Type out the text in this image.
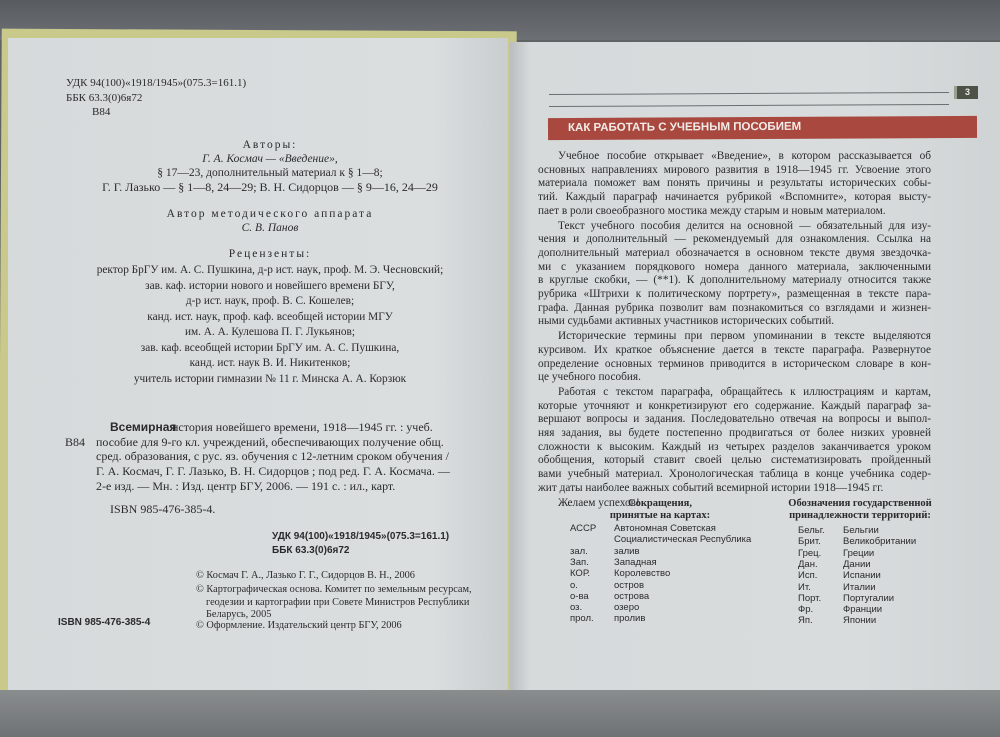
УДК 94(100)«1918/1945»(075.3=161.1)
ББК 63.3(0)6я72
В84
Авторы:
Г. А. Космач — «Введение»,
§ 17—23, дополнительный материал к § 1—8;
Г. Г. Лазько — § 1—8, 24—29; В. Н. Сидорцов — § 9—16, 24—29
Автор методического аппарата
С. В. Панов
Рецензенты:
ректор БрГУ им. А. С. Пушкина, д-р ист. наук, проф. М. Э. Чесновский;
зав. каф. истории нового и новейшего времени БГУ,
д-р ист. наук, проф. В. С. Кошелев;
канд. ист. наук, проф. каф. всеобщей истории МГУ
им. А. А. Кулешова П. Г. Лукьянов;
зав. каф. всеобщей истории БрГУ им. А. С. Пушкина,
канд. ист. наук В. И. Никитенков;
учитель истории гимназии № 11 г. Минска А. А. Корзюк
Всемирная
В84
история новейшего времени, 1918—1945 гг. : учеб.
пособие для 9-го кл. учреждений, обеспечивающих получение общ.
сред. образования, с рус. яз. обучения с 12-летним сроком обучения /
Г. А. Космач, Г. Г. Лазько, В. Н. Сидорцов ; под ред. Г. А. Космача. —
2-е изд. — Мн. : Изд. центр БГУ, 2006. — 191 с. : ил., карт.
ISBN 985-476-385-4.
УДК 94(100)«1918/1945»(075.3=161.1)
ББК 63.3(0)6я72
© Космач Г. А., Лазько Г. Г., Сидорцов В. Н., 2006
© Картографическая основа. Комитет по земельным ресурсам,
геодезии и картографии при Совете Министров Республики
Беларусь, 2005
© Оформление. Издательский центр БГУ, 2006
ISBN 985-476-385-4
3
КАК РАБОТАТЬ С УЧЕБНЫМ ПОСОБИЕМ
Учебное пособие открывает «Введение», в котором рассказывается об
основных направлениях мирового развития в 1918—1945 гг. Усвоение этого
материала поможет вам понять причины и результаты исторических собы-
тий. Каждый параграф начинается рубрикой «Вспомните», которая высту-
пает в роли своеобразного мостика между старым и новым материалом.
Текст учебного пособия делится на основной — обязательный для изу-
чения и дополнительный — рекомендуемый для ознакомления. Ссылка на
дополнительный материал обозначается в основном тексте двумя звездочка-
ми с указанием порядкового номера данного материала, заключенными
в круглые скобки, — (**1). К дополнительному материалу относится также
рубрика «Штрихи к политическому портрету», размещенная в тексте пара-
графа. Данная рубрика позволит вам познакомиться со взглядами и жизнен-
ными судьбами активных участников исторических событий.
Исторические термины при первом упоминании в тексте выделяются
курсивом. Их краткое объяснение дается в тексте параграфа. Развернутое
определение основных терминов приводится в историческом словаре в кон-
це учебного пособия.
Работая с текстом параграфа, обращайтесь к иллюстрациям и картам,
которые уточняют и конкретизируют его содержание. Каждый параграф за-
вершают вопросы и задания. Последовательно отвечая на вопросы и выпол-
няя задания, вы будете постепенно продвигаться от более низких уровней
сложности к высоким. Каждый из четырех разделов заканчивается уроком
обобщения, который ставит своей целью систематизировать пройденный
вами учебный материал. Хронологическая таблица в конце учебника содер-
жит даты наиболее важных событий всемирной истории 1918—1945 гг.
Желаем успехов!
Сокращения,
принятые на картах:
АССР Автономная Советская
Социалистическая Республика
зал.	залив
Зап.	Западная
КОР.	Королевство
о.	остров
о-ва	острова
оз.	озеро
прол. пролив
Обозначения государственной
принадлежности территорий:
Бельг. Бельгии
Брит. Великобритании
Грец. Греции
Дан.	Дании
Исп.	Испании
Ит.	Италии
Порт. Португалии
Фр.	Франции
Яп.	Японии
